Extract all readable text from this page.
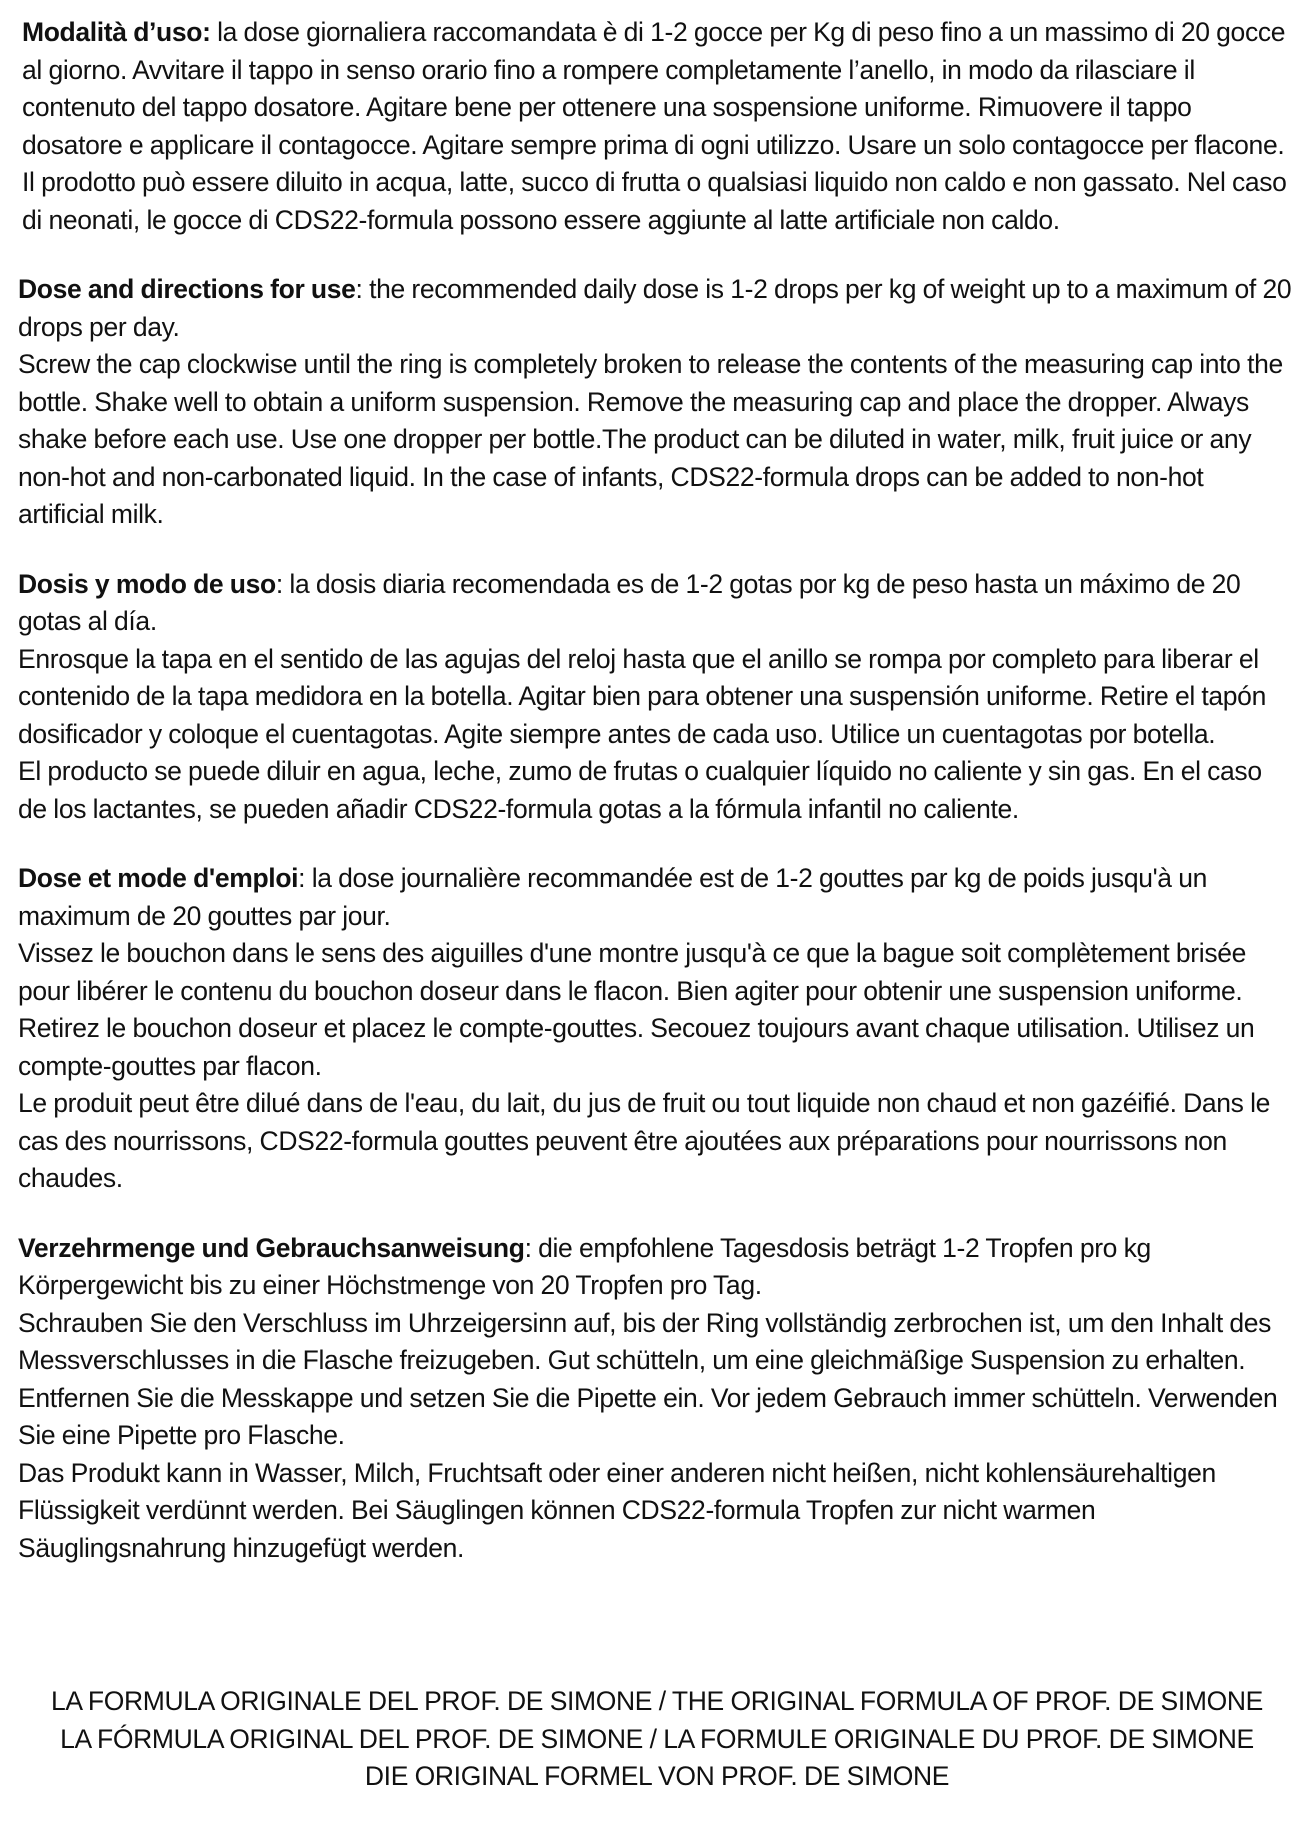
Modalità d’uso: la dose giornaliera raccomandata è di 1-2 gocce per Kg di peso fino a un massimo di 20 gocce al giorno. Avvitare il tappo in senso orario fino a rompere completamente l’anello, in modo da rilasciare il contenuto del tappo dosatore. Agitare bene per ottenere una sospensione uniforme. Rimuovere il tappo dosatore e applicare il contagocce. Agitare sempre prima di ogni utilizzo. Usare un solo contagocce per flacone. Il prodotto può essere diluito in acqua, latte, succo di frutta o qualsiasi liquido non caldo e non gassato. Nel caso di neonati, le gocce di CDS22-formula possono essere aggiunte al latte artificiale non caldo.
Dose and directions for use: the recommended daily dose is 1-2 drops per kg of weight up to a maximum of 20 drops per day.
Screw the cap clockwise until the ring is completely broken to release the contents of the measuring cap into the bottle. Shake well to obtain a uniform suspension. Remove the measuring cap and place the dropper. Always shake before each use. Use one dropper per bottle.The product can be diluted in water, milk, fruit juice or any non-hot and non-carbonated liquid. In the case of infants, CDS22-formula drops can be added to non-hot artificial milk.
Dosis y modo de uso: la dosis diaria recomendada es de 1-2 gotas por kg de peso hasta un máximo de 20 gotas al día.
Enrosque la tapa en el sentido de las agujas del reloj hasta que el anillo se rompa por completo para liberar el contenido de la tapa medidora en la botella. Agitar bien para obtener una suspensión uniforme. Retire el tapón dosificador y coloque el cuentagotas. Agite siempre antes de cada uso. Utilice un cuentagotas por botella.
El producto se puede diluir en agua, leche, zumo de frutas o cualquier líquido no caliente y sin gas. En el caso de los lactantes, se pueden añadir CDS22-formula gotas a la fórmula infantil no caliente.
Dose et mode d'emploi: la dose journalière recommandée est de 1-2 gouttes par kg de poids jusqu'à un maximum de 20 gouttes par jour.
Vissez le bouchon dans le sens des aiguilles d'une montre jusqu'à ce que la bague soit complètement brisée pour libérer le contenu du bouchon doseur dans le flacon. Bien agiter pour obtenir une suspension uniforme. Retirez le bouchon doseur et placez le compte-gouttes. Secouez toujours avant chaque utilisation. Utilisez un compte-gouttes par flacon.
Le produit peut être dilué dans de l'eau, du lait, du jus de fruit ou tout liquide non chaud et non gazéifié. Dans le cas des nourrissons, CDS22-formula gouttes peuvent être ajoutées aux préparations pour nourrissons non chaudes.
Verzehrmenge und Gebrauchsanweisung: die empfohlene Tagesdosis beträgt 1-2 Tropfen pro kg Körpergewicht bis zu einer Höchstmenge von 20 Tropfen pro Tag.
Schrauben Sie den Verschluss im Uhrzeigersinn auf, bis der Ring vollständig zerbrochen ist, um den Inhalt des Messverschlusses in die Flasche freizugeben. Gut schütteln, um eine gleichmäßige Suspension zu erhalten. Entfernen Sie die Messkappe und setzen Sie die Pipette ein. Vor jedem Gebrauch immer schütteln. Verwenden Sie eine Pipette pro Flasche.
Das Produkt kann in Wasser, Milch, Fruchtsaft oder einer anderen nicht heißen, nicht kohlensäurehaltigen Flüssigkeit verdünnt werden. Bei Säuglingen können CDS22-formula Tropfen zur nicht warmen Säuglingsnahrung hinzugefügt werden.
LA FORMULA ORIGINALE DEL PROF. DE SIMONE / THE ORIGINAL FORMULA OF PROF. DE SIMONE
LA FÓRMULA ORIGINAL DEL PROF. DE SIMONE / LA FORMULE ORIGINALE DU PROF. DE SIMONE
DIE ORIGINAL FORMEL VON PROF. DE SIMONE
